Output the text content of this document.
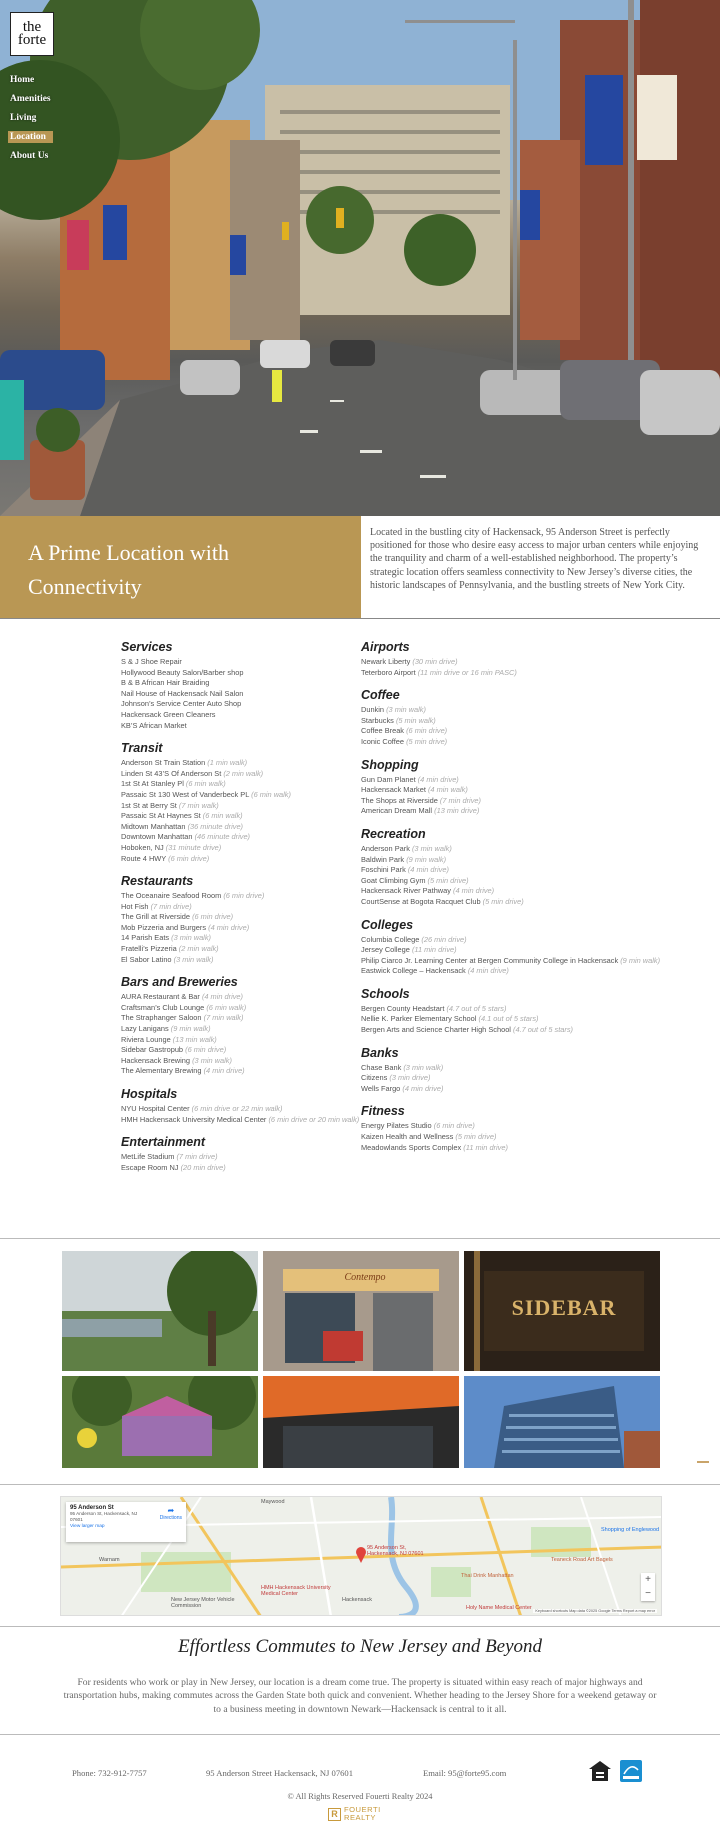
the
forte
Home
Amenities
Living
Location
About Us
A Prime Location with Connectivity
Located in the bustling city of Hackensack, 95 Anderson Street is perfectly positioned for those who desire easy access to major urban centers while enjoying the tranquility and charm of a well-established neighborhood. The property’s strategic location offers seamless connectivity to New Jersey’s diverse cities, the historic landscapes of Pennsylvania, and the bustling streets of New York City.
Services
S & J Shoe Repair
Hollywood Beauty Salon/Barber shop
B & B African Hair Braiding
Nail House of Hackensack Nail Salon
Johnson’s Service Center Auto Shop
Hackensack Green Cleaners
KB’S African Market
Transit
Anderson St Train Station (1 min walk)
Linden St 43’S Of Anderson St (2 min walk)
1st St At Stanley Pl (6 min walk)
Passaic St 130 West of Vanderbeck PL (6 min walk)
1st St at Berry St (7 min walk)
Passaic St At Haynes St (6 min walk)
Midtown Manhattan (36 minute drive)
Downtown Manhattan (46 minute drive)
Hoboken, NJ (31 minute drive)
Route 4 HWY (6 min drive)
Restaurants
The Oceanaire Seafood Room (6 min drive)
Hot Fish (7 min drive)
The Grill at Riverside (6 min drive)
Mob Pizzeria and Burgers (4 min drive)
14 Parish Eats (3 min walk)
Fratelli’s Pizzeria (2 min walk)
El Sabor Latino (3 min walk)
Bars and Breweries
AURA Restaurant & Bar (4 min drive)
Craftsman’s Club Lounge (6 min walk)
The Straphanger Saloon (7 min walk)
Lazy Lanigans (9 min walk)
Riviera Lounge (13 min walk)
Sidebar Gastropub (6 min drive)
Hackensack Brewing (3 min walk)
The Alementary Brewing (4 min drive)
Hospitals
NYU Hospital Center (6 min drive or 22 min walk)
HMH Hackensack University Medical Center (6 min drive or 20 min walk)
Entertainment
MetLife Stadium (7 min drive)
Escape Room NJ (20 min drive)
Airports
Newark Liberty (30 min drive)
Teterboro Airport (11 min drive or 16 min PASC)
Coffee
Dunkin (3 min walk)
Starbucks (5 min walk)
Coffee Break (6 min drive)
Iconic Coffee (5 min drive)
Shopping
Gun Dam Planet (4 min drive)
Hackensack Market (4 min walk)
The Shops at Riverside (7 min drive)
American Dream Mall (13 min drive)
Recreation
Anderson Park (3 min walk)
Baldwin Park (9 min walk)
Foschini Park (4 min drive)
Goat Climbing Gym (5 min drive)
Hackensack River Pathway (4 min drive)
CourtSense at Bogota Racquet Club (5 min drive)
Colleges
Columbia College (26 min drive)
Jersey College (11 min drive)
Philip Ciarco Jr. Learning Center at Bergen Community College in Hackensack (9 min walk)
Eastwick College – Hackensack (4 min drive)
Schools
Bergen County Headstart (4.7 out of 5 stars)
Nellie K. Parker Elementary School (4.1 out of 5 stars)
Bergen Arts and Science Charter High School (4.7 out of 5 stars)
Banks
Chase Bank (3 min walk)
Citizens (3 min drive)
Wells Fargo (4 min drive)
Fitness
Energy Pilates Studio (6 min drive)
Kaizen Health and Wellness (5 min drive)
Meadowlands Sports Complex (11 min drive)
Contempo
SIDEBAR
Maywood
Hackensack
Warnam
Shopping of Englewood
Teaneck Road Art Bagels
Thai Drink Manhattan
New Jersey Motor Vehicle Commission	Holy Name Medical Center
HMH Hackensack University Medical Center
95 Anderson St, Hackensack, NJ 07601
95 Anderson St
95 Anderson St, Hackensack, NJ 07601
View larger map
➦
Directions
+
−
Keyboard shortcuts Map data ©2025 Google Terms Report a map error
Effortless Commutes to New Jersey and Beyond
For residents who work or play in New Jersey, our location is a dream come true. The property is situated within easy reach of major highways and transportation hubs, making commutes across the Garden State both quick and convenient. Whether heading to the Jersey Shore for a weekend getaway or to a business meeting in downtown Newark—Hackensack is central to it all.
Phone: 732-912-7757	95 Anderson Street Hackensack, NJ 07601	Email: 95@forte95.com
© All Rights Reserved Fouerti Realty 2024
R FOUERTI
REALTY
